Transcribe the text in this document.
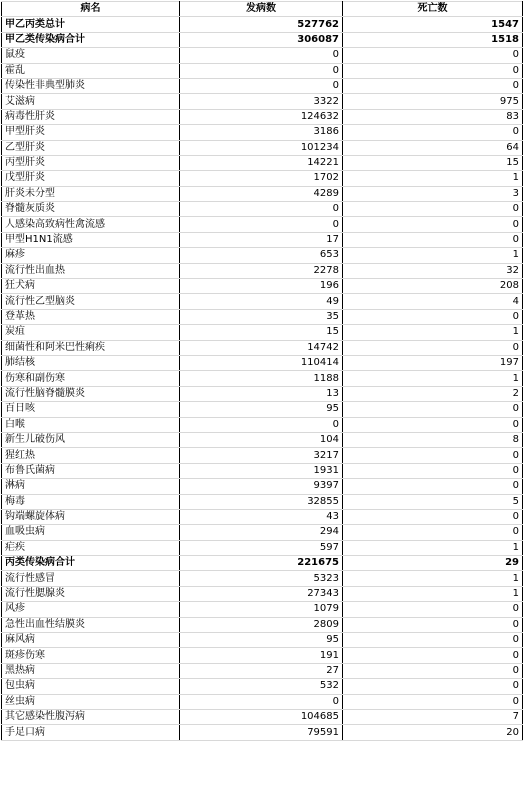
病名	发病数	死亡数
甲乙丙类总计	527762	1547
甲乙类传染病合计	306087	1518
鼠疫	0	0
霍乱	0	0
传染性非典型肺炎	0	0
艾滋病	3322	975
病毒性肝炎	124632	83
甲型肝炎	3186	0
乙型肝炎	101234	64
丙型肝炎	14221	15
戊型肝炎	1702	1
肝炎未分型	4289	3
脊髓灰质炎	0	0
人感染高致病性禽流感	0	0
甲型H1N1流感	17	0
麻疹	653	1
流行性出血热	2278	32
狂犬病	196	208
流行性乙型脑炎	49	4
登革热	35	0
炭疽	15	1
细菌性和阿米巴性痢疾	14742	0
肺结核	110414	197
伤寒和副伤寒	1188	1
流行性脑脊髓膜炎	13	2
百日咳	95	0
白喉	0	0
新生儿破伤风	104	8
猩红热	3217	0
布鲁氏菌病	1931	0
淋病	9397	0
梅毒	32855	5
钩端螺旋体病	43	0
血吸虫病	294	0
疟疾	597	1
丙类传染病合计	221675	29
流行性感冒	5323	1
流行性腮腺炎	27343	1
风疹	1079	0
急性出血性结膜炎	2809	0
麻风病	95	0
斑疹伤寒	191	0
黑热病	27	0
包虫病	532	0
丝虫病	0	0
其它感染性腹泻病	104685	7
手足口病	79591	20
